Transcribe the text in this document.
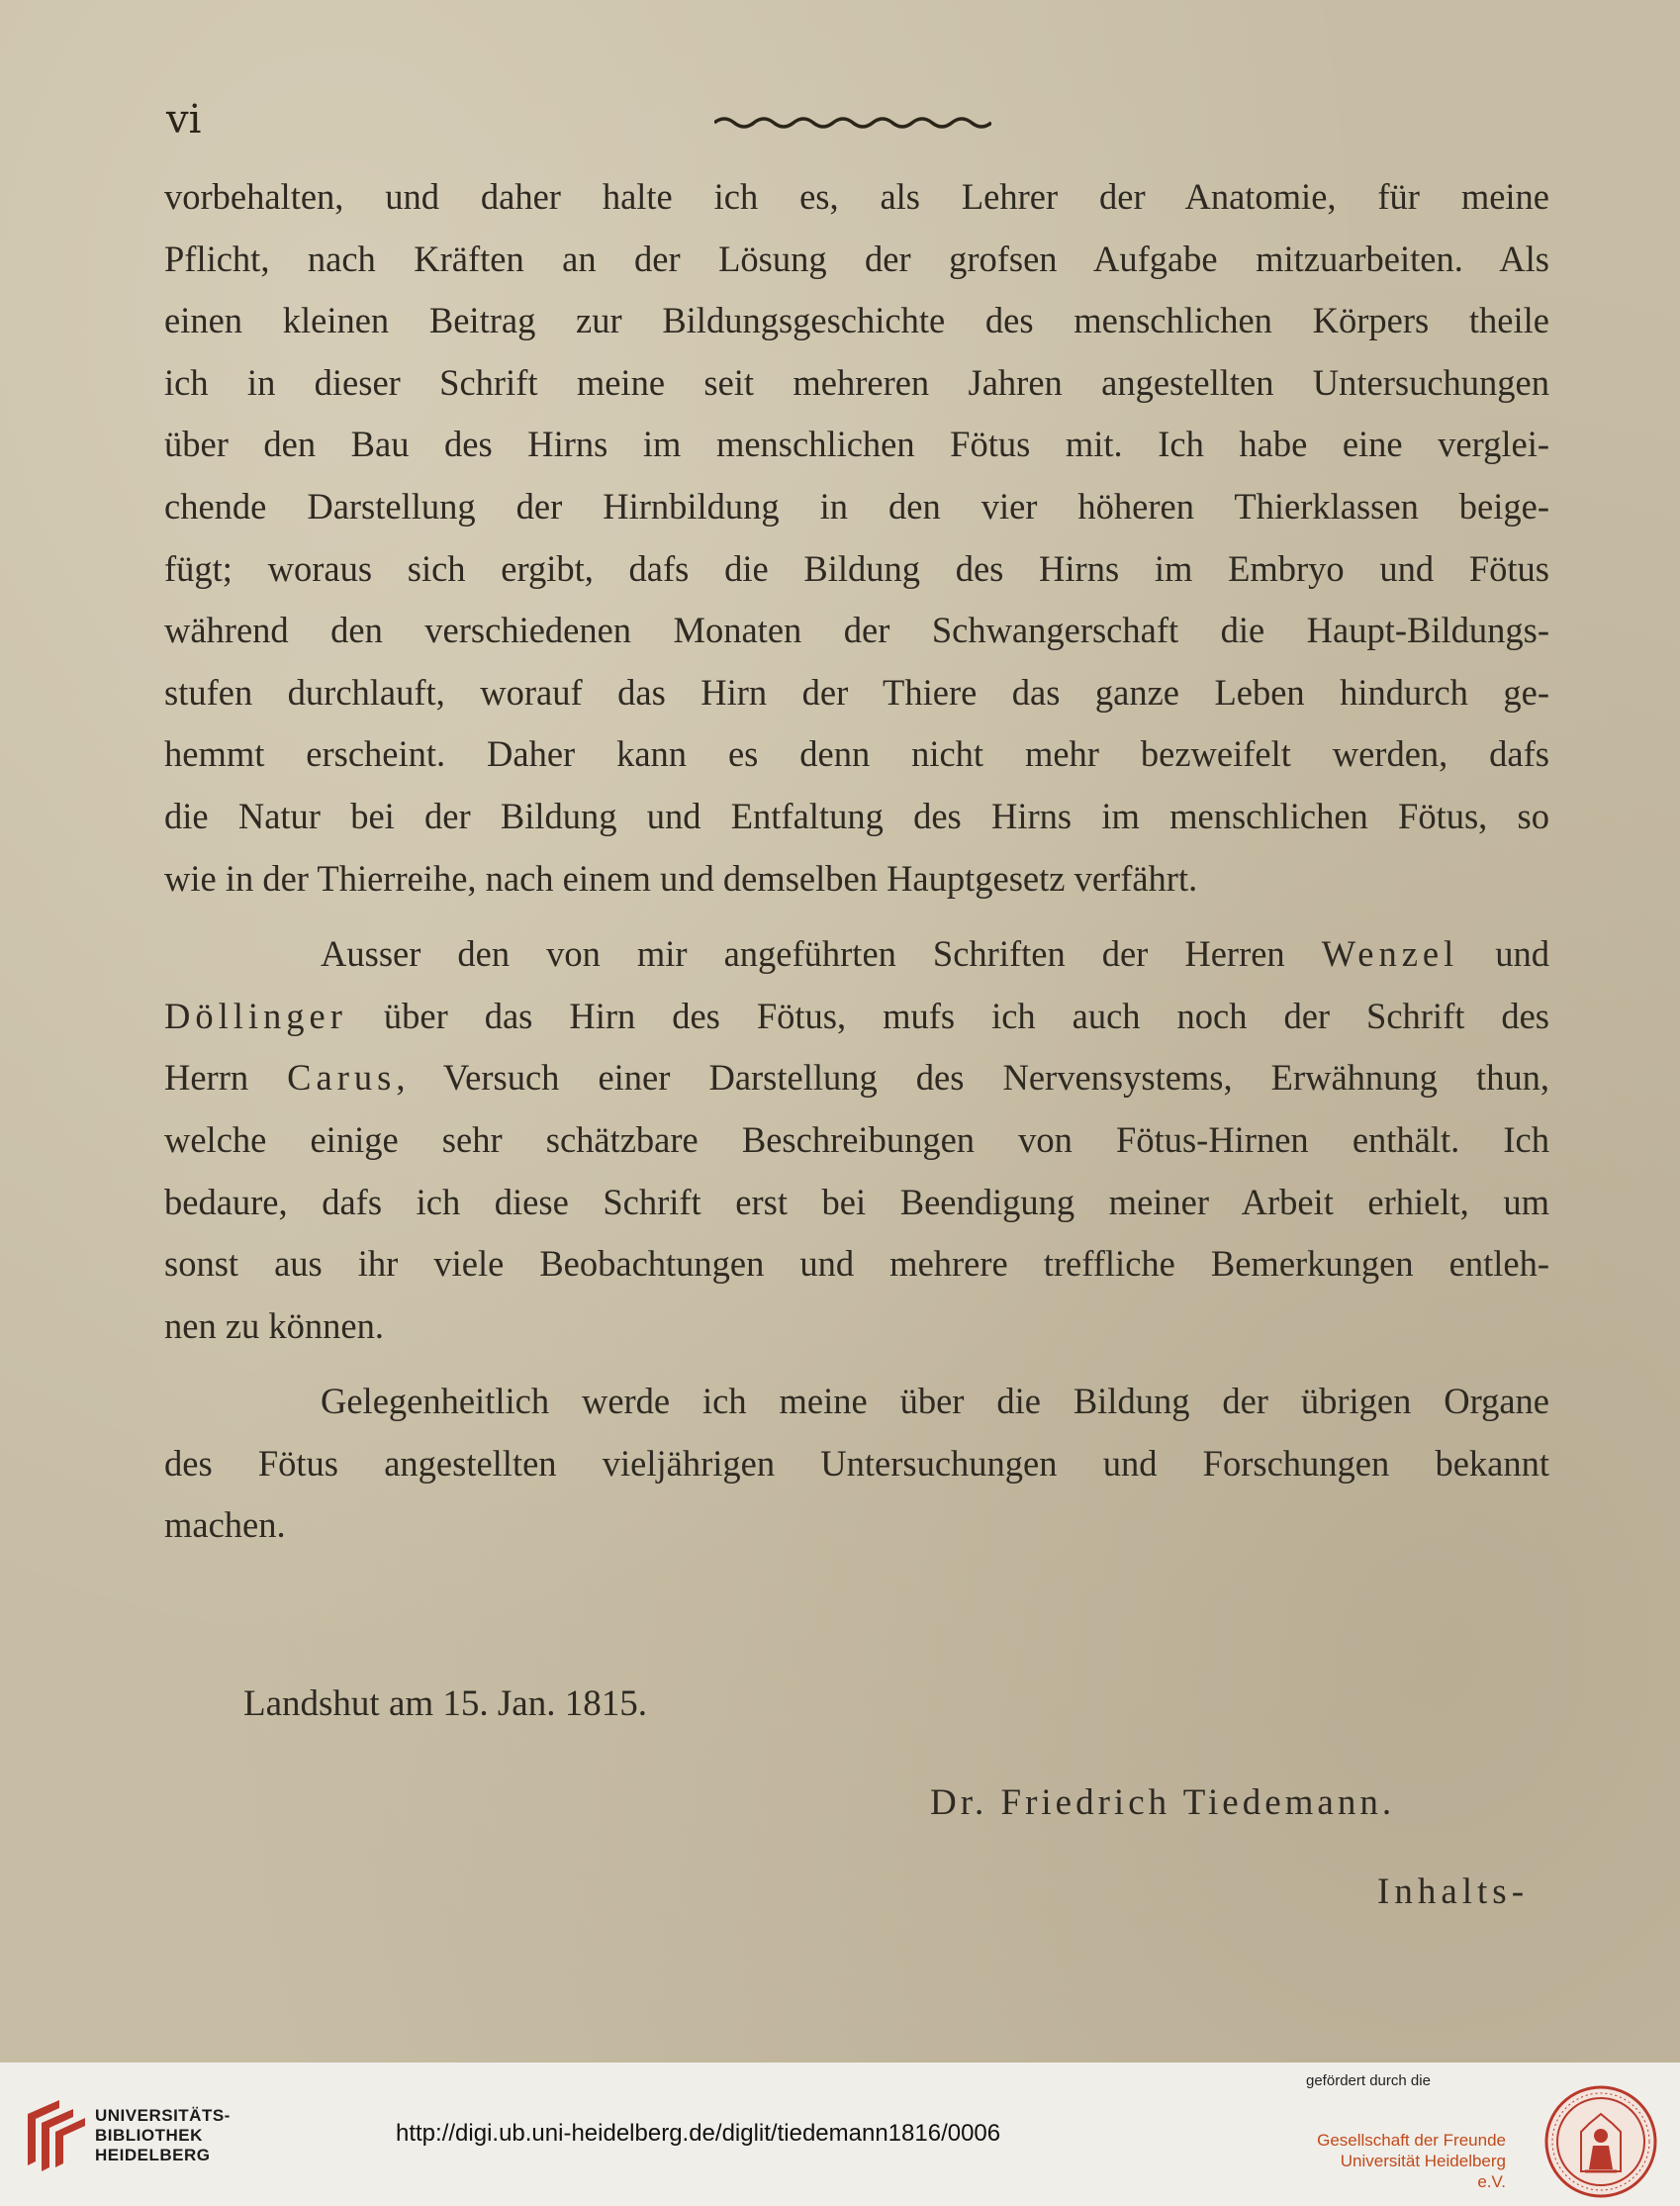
vi
vorbehalten, und daher halte ich es, als Lehrer der Anatomie, für meine
Pflicht, nach Kräften an der Lösung der grofsen Aufgabe mitzuarbeiten. Als
einen kleinen Beitrag zur Bildungsgeschichte des menschlichen Körpers theile
ich in dieser Schrift meine seit mehreren Jahren angestellten Untersuchungen
über den Bau des Hirns im menschlichen Fötus mit. Ich habe eine verglei-
chende Darstellung der Hirnbildung in den vier höheren Thierklassen beige-
fügt; woraus sich ergibt, dafs die Bildung des Hirns im Embryo und Fötus
während den verschiedenen Monaten der Schwangerschaft die Haupt-Bildungs-
stufen durchlauft, worauf das Hirn der Thiere das ganze Leben hindurch ge-
hemmt erscheint. Daher kann es denn nicht mehr bezweifelt werden, dafs
die Natur bei der Bildung und Entfaltung des Hirns im menschlichen Fötus, so
wie in der Thierreihe, nach einem und demselben Hauptgesetz verfährt.
Ausser den von mir angeführten Schriften der Herren Wenzel und
Döllinger über das Hirn des Fötus, mufs ich auch noch der Schrift des
Herrn Carus, Versuch einer Darstellung des Nervensystems, Erwähnung thun,
welche einige sehr schätzbare Beschreibungen von Fötus-Hirnen enthält. Ich
bedaure, dafs ich diese Schrift erst bei Beendigung meiner Arbeit erhielt, um
sonst aus ihr viele Beobachtungen und mehrere treffliche Bemerkungen entleh-
nen zu können.
Gelegenheitlich werde ich meine über die Bildung der übrigen Organe
des Fötus angestellten vieljährigen Untersuchungen und Forschungen bekannt
machen.
Landshut am 15. Jan. 1815.
Dr. Friedrich Tiedemann.
Inhalts-
UNIVERSITÄTS-
BIBLIOTHEK
HEIDELBERG
http://digi.ub.uni-heidelberg.de/diglit/tiedemann1816/0006
gefördert durch die
Gesellschaft der Freunde
Universität Heidelberg e.V.
